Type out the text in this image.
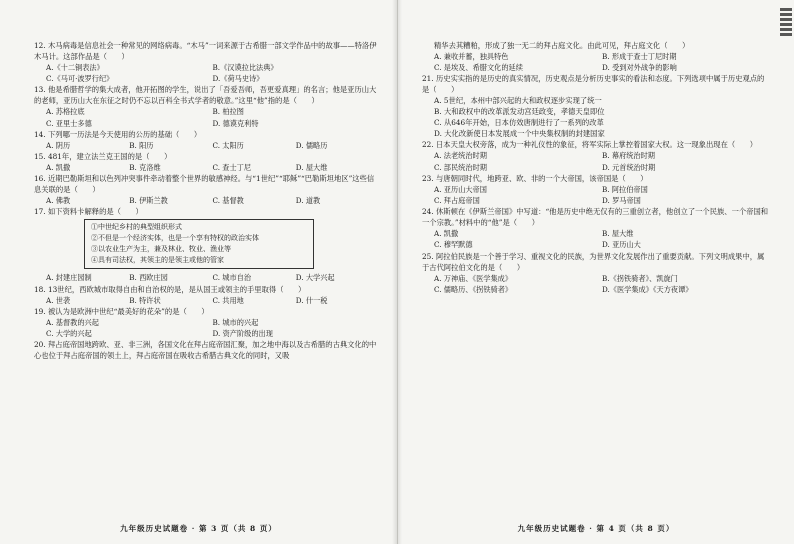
12. 木马病毒是信息社会一种常见的网络病毒。“木马”一词来源于古希腊一部文学作品中的故事——特洛伊木马计。这部作品是（　　）

A.《十二铜表法》	B.《汉谟拉比法典》
C.《马可·波罗行纪》	D.《荷马史诗》

13. 他是希腊哲学的集大成者，他开拓图的学生，说出了「吾爱吾师，吾更爱真理」的名言；他是亚历山大的老师，亚历山大在东征之时仍不忘以百科全书式学者的敬意。”这里“他”指的是（　　）

A. 苏格拉底	B. 柏拉图
C. 亚里士多德	D. 德谟克利特

14. 下列哪一历法是今天使用的公历的基础（　　）

A. 阴历	B. 阳历	C. 太阳历	D. 儒略历

15. 481年，建立法兰克王国的是（　　）

A. 凯撒	B. 克洛维	C. 查士丁尼	D. 屋大维

16. 近期巴勒斯坦和以色列冲突事件牵动着整个世界的敏感神经。与“1世纪”“耶稣”“巴勒斯坦地区”这些信息关联的是（　　）

A. 佛教	B. 伊斯兰教	C. 基督教	D. 道教

17. 如下资料卡解释的是（　　）

①中世纪乡村的典型组织形式

②不但是一个经济实体，也是一个享有特权的政治实体

③以农业生产为主，兼及林业、牧业、渔业等

④具有司法权，其领主的是领主或他的管家

A. 封建庄园制	B. 西欧庄园	C. 城市自治	D. 大学兴起

18. 13世纪，西欧城市取得自由和自治权的是，是从国王或领主的手里取得（　　）

A. 世袭	B. 特许状	C. 共用地	D. 什一税

19. 被认为是欧洲中世纪“最美好的花朵”的是（　　）

A. 基督教的兴起	B. 城市的兴起
C. 大学的兴起	D. 资产阶级的出现

20. 拜占庭帝国地跨欧、亚、非三洲，各国文化在拜占庭帝国汇聚，加之地中海以及古希腊的古典文化的中心也位于拜占庭帝国的领土上，拜占庭帝国在吸收古希腊古典文化的同时，又吸

九年级历史试题卷 · 第 3 页（共 8 页）

精华去其糟粕，形成了独一无二的拜占庭文化。由此可见，拜占庭文化（　　）

A. 兼收并蓄，独具特色	B. 形成于查士丁尼时期
C. 是埃及、希腊文化的延续	D. 受到对外战争的影响

21. 历史实实指的是历史的真实情况，历史观点是分析历史事实的看法和态度。下列选项中属于历史观点的是（　　）

A. 5世纪，本州中部兴起的大和政权逐步实现了统一
B. 大和政权中的改革派发动宫廷政变，孝德天皇即位
C. 从646年开始，日本仿效唐制进行了一系列的改革
D. 大化改新使日本发展成一个中央集权制的封建国家

22. 日本天皇大权旁落，成为一种礼仪性的象征，将军实际上掌控着国家大权。这一现象出现在（　　）

A. 法老统治时期	B. 幕府统治时期
C. 部民统治时期	D. 元首统治时期

23. 与唐朝同时代，地跨亚、欧、非的一个大帝国，该帝国是（　　）

A. 亚历山大帝国	B. 阿拉伯帝国
C. 拜占庭帝国	D. 罗马帝国

24. 休斯顿在《伊斯兰帝国》中写道：“他是历史中绝无仅有的三重创立者，他创立了一个民族、一个帝国和一个宗教。”材料中的“他”是（　　）

A. 凯撒	B. 屋大维
C. 穆罕默德	D. 亚历山大

25. 阿拉伯民族是一个善于学习、重视文化的民族，为世界文化发展作出了重要贡献。下列文明成果中，属于古代阿拉伯文化的是（　　）

A. 万神庙、《医学集成》	B.《拐铁骑者》、凯旋门
C. 儒略历、《拐铁骑者》	D.《医学集成》《天方夜谭》
九年级历史试题卷 · 第 4 页（共 8 页）
